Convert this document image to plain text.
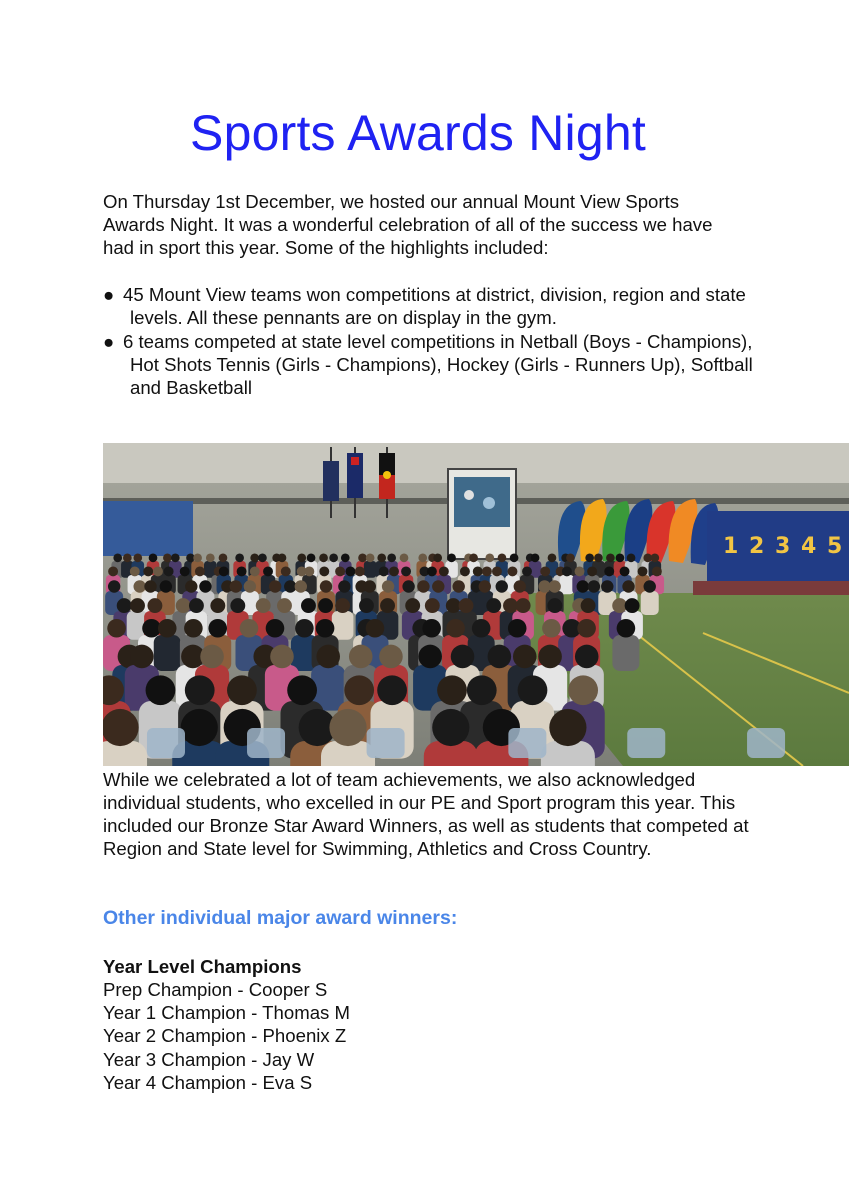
Sports Awards Night

On Thursday 1st December, we hosted our annual Mount View Sports Awards Night. It was a wonderful celebration of all of the success we have had in sport this year. Some of the highlights included:

● 45 Mount View teams won competitions at district, division, region and state levels. All these pennants are on display in the gym.
● 6 teams competed at state level competitions in Netball (Boys - Champions), Hot Shots Tennis (Girls - Champions), Hockey (Girls - Runners Up), Softball and Basketball
1 2 3 4 5

While we celebrated a lot of team achievements, we also acknowledged individual students, who excelled in our PE and Sport program this year. This included our Bronze Star Award Winners, as well as students that competed at Region and State level for Swimming, Athletics and Cross Country.

Other individual major award winners:
Year Level Champions
Prep Champion - Cooper S
Year 1 Champion - Thomas M
Year 2 Champion - Phoenix Z
Year 3 Champion - Jay W
Year 4 Champion - Eva S
